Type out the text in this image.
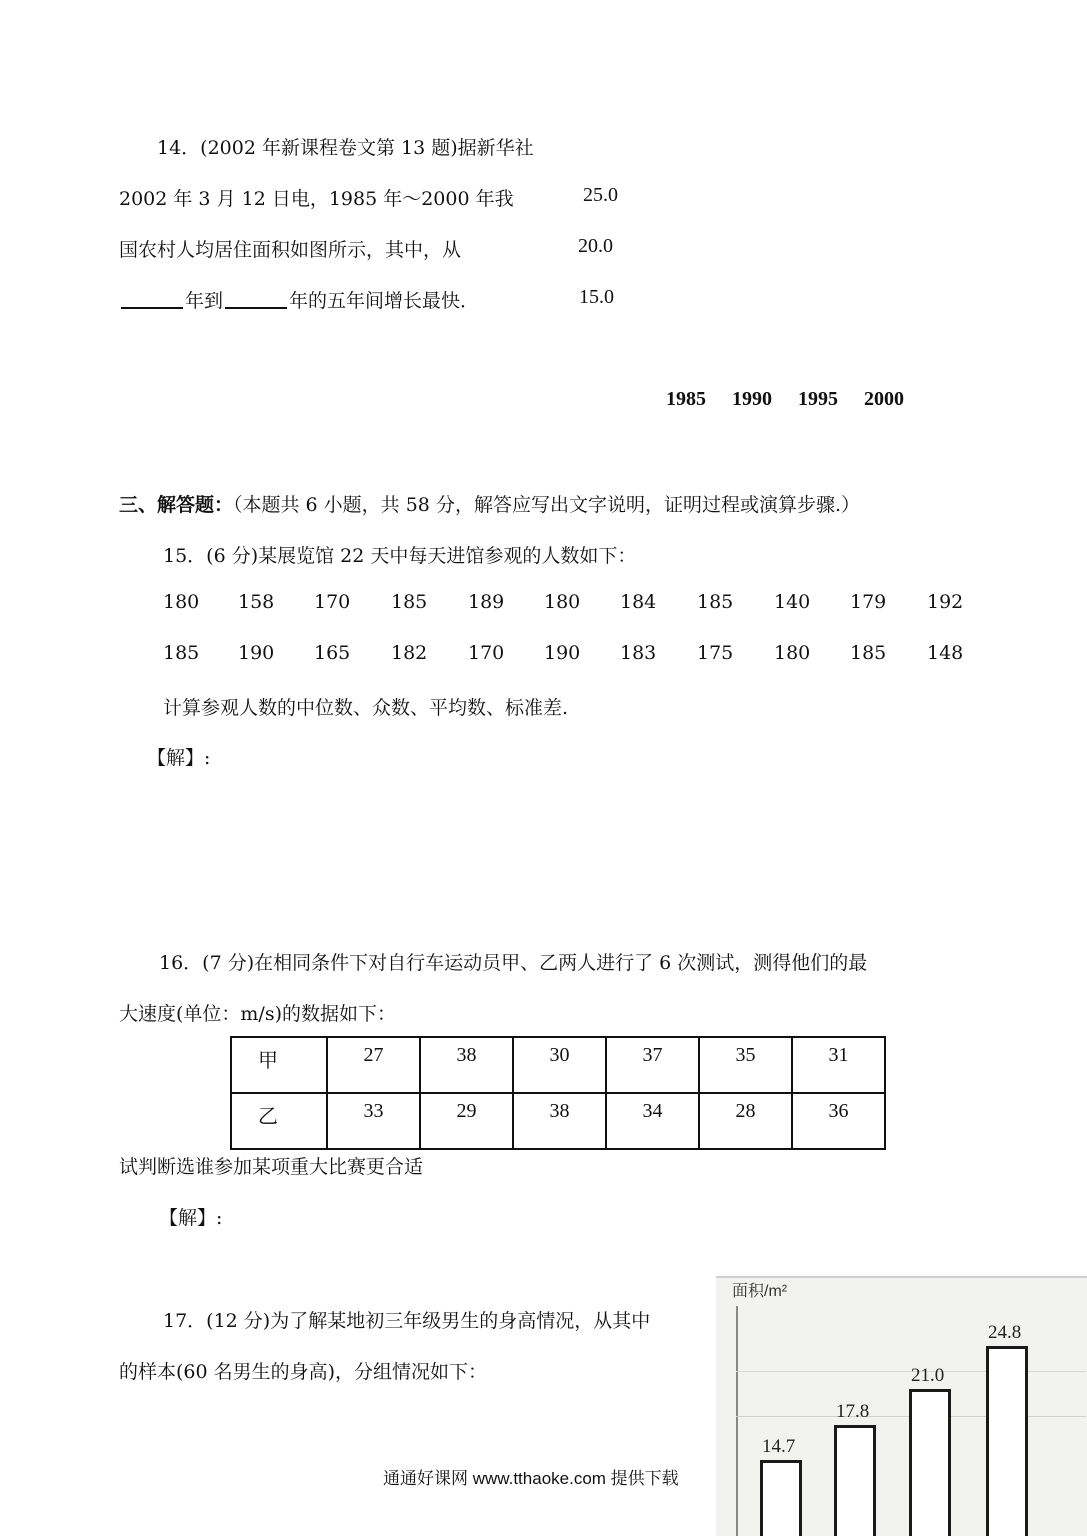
14．(2002 年新课程卷文第 13 题)据新华社
2002 年 3 月 12 日电，1985 年～2000 年我
国农村人均居住面积如图所示，其中，从
年到	年的五年间增长最快．
25.0
20.0
15.0
1985 1990 1995 2000
三、解答题：（本题共 6 小题，共 58 分，解答应写出文字说明，证明过程或演算步骤.）
15．(6 分)某展览馆 22 天中每天进馆参观的人数如下：
180	158	170	185	189	180	184	185	140	179	192
185	190	165	182	170	190	183	175	180	185	148
计算参观人数的中位数、众数、平均数、标准差.
【解】:
16．(7 分)在相同条件下对自行车运动员甲、乙两人进行了 6 次测试，测得他们的最
大速度(单位：m/s)的数据如下：
甲	27	38	30	37	35	31
乙	33	29	38	34	28	36
试判断选谁参加某项重大比赛更合适
【解】:
17．(12 分)为了解某地初三年级男生的身高情况，从其中
的样本(60 名男生的身高)，分组情况如下：
面积/m²
14.7
17.8
21.0
24.8
通通好课网 www.tthaoke.com 提供下载
